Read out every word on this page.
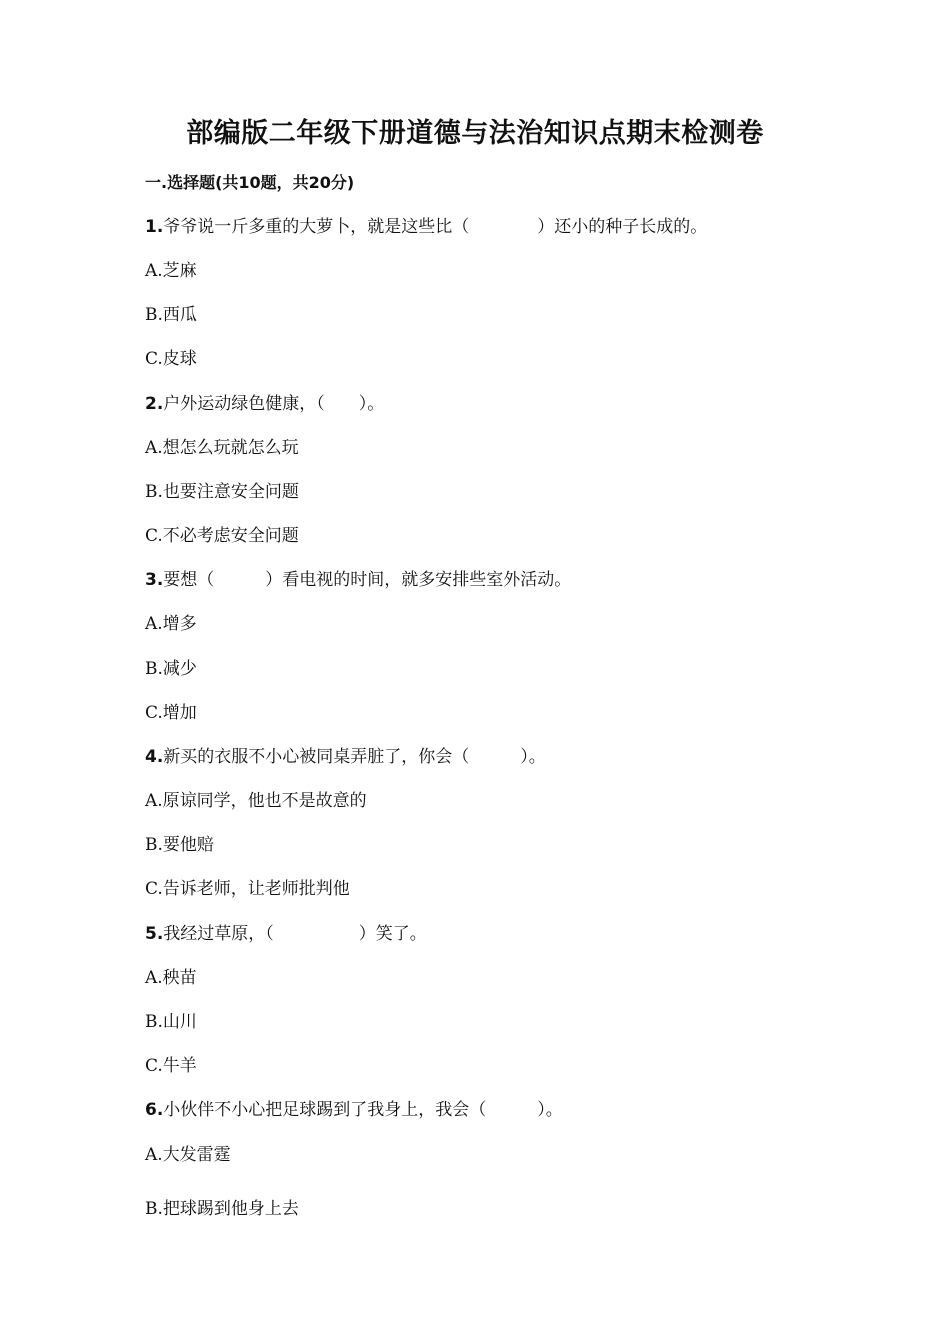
部编版二年级下册道德与法治知识点期末检测卷
一.选择题(共10题，共20分)
1.爷爷说一斤多重的大萝卜，就是这些比（　　　　）还小的种子长成的。
A.芝麻
B.西瓜
C.皮球
2.户外运动绿色健康，（　　）。
A.想怎么玩就怎么玩
B.也要注意安全问题
C.不必考虑安全问题
3.要想（　　　）看电视的时间，就多安排些室外活动。
A.增多
B.减少
C.增加
4.新买的衣服不小心被同桌弄脏了，你会（　　　）。
A.原谅同学，他也不是故意的
B.要他赔
C.告诉老师，让老师批判他
5.我经过草原，（　　　　　）笑了。
A.秧苗
B.山川
C.牛羊
6.小伙伴不小心把足球踢到了我身上，我会（　　　）。
A.大发雷霆
B.把球踢到他身上去
